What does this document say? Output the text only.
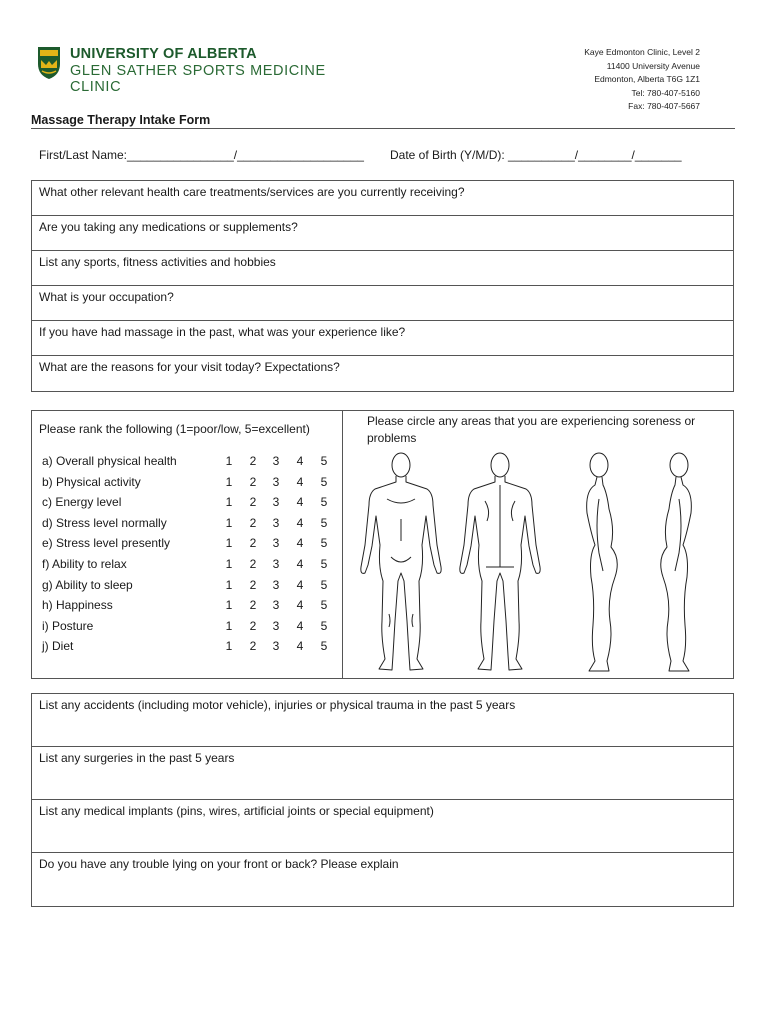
UNIVERSITY OF ALBERTA
GLEN SATHER SPORTS MEDICINE CLINIC
Kaye Edmonton Clinic, Level 2
11400 University Avenue
Edmonton, Alberta T6G 1Z1
Tel: 780-407-5160
Fax: 780-407-5667
Massage Therapy Intake Form
First/Last Name:________________/___________________ Date of Birth (Y/M/D): __________/________/_______
What other relevant health care treatments/services are you currently receiving?
Are you taking any medications or supplements?
List any sports, fitness activities and hobbies
What is your occupation?
If you have had massage in the past, what was your experience like?
What are the reasons for your visit today? Expectations?
Please rank the following (1=poor/low, 5=excellent)
a) Overall physical health	1 2 3 4 5
b) Physical activity	1 2 3 4 5
c) Energy level	1 2 3 4 5
d) Stress level normally	1 2 3 4 5
e) Stress level presently	1 2 3 4 5
f) Ability to relax	1 2 3 4 5
g) Ability to sleep	1 2 3 4 5
h) Happiness	1 2 3 4 5
i) Posture	1 2 3 4 5
j) Diet	1 2 3 4 5
Please circle any areas that you are experiencing soreness or problems
List any accidents (including motor vehicle), injuries or physical trauma in the past 5 years
List any surgeries in the past 5 years
List any medical implants (pins, wires, artificial joints or special equipment)
Do you have any trouble lying on your front or back? Please explain
